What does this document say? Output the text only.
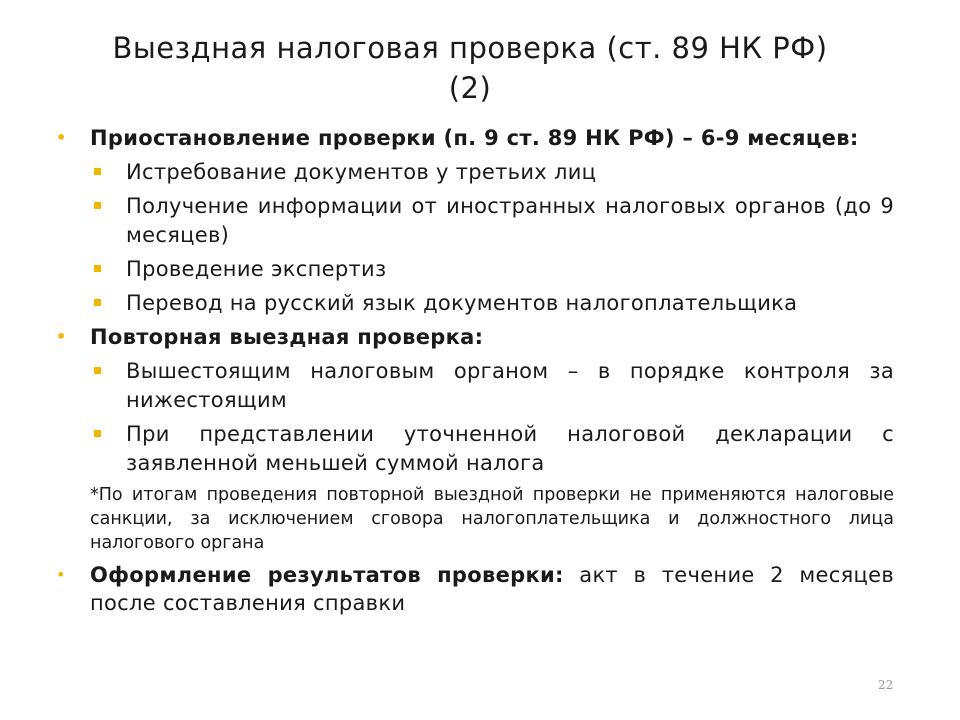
Выездная налоговая проверка (ст. 89 НК РФ)
(2)
• Приостановление проверки (п. 9 ст. 89 НК РФ) – 6-9 месяцев:
Истребование документов у третьих лиц
Получение информации от иностранных налоговых органов (до 9 месяцев)
Проведение экспертиз
Перевод на русский язык документов налогоплательщика
• Повторная выездная проверка:
Вышестоящим налоговым органом – в порядке контроля за нижестоящим
При представлении уточненной налоговой декларации с заявленной меньшей суммой налога
*По итогам проведения повторной выездной проверки не применяются налоговые санкции, за исключением сговора налогоплательщика и должностного лица налогового органа
• Оформление результатов проверки: акт в течение 2 месяцев после составления справки
22
